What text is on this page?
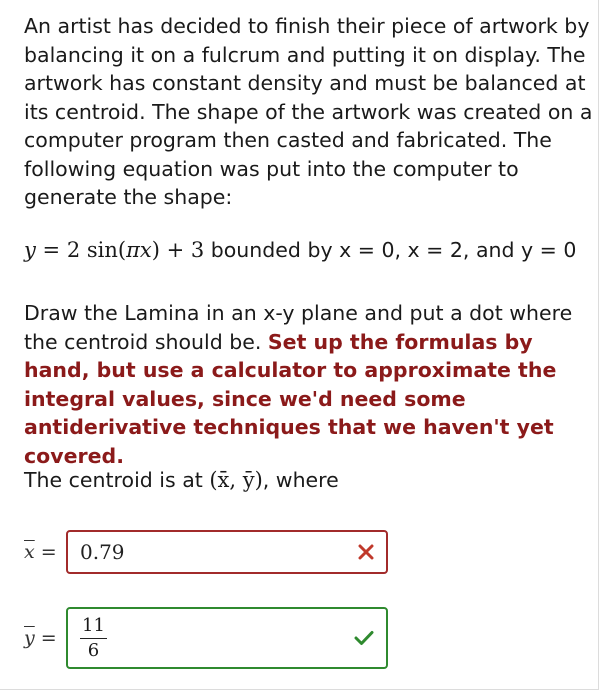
An artist has decided to finish their piece of artwork by balancing it on a fulcrum and putting it on display. The artwork has constant density and must be balanced at its centroid. The shape of the artwork was created on a computer program then casted and fabricated. The following equation was put into the computer to generate the shape:

y = 2 sin(πx) + 3 bounded by x = 0, x = 2, and y = 0

Draw the Lamina in an x-y plane and put a dot where the centroid should be. Set up the formulas by hand, but use a calculator to approximate the integral values, since we'd need some antiderivative techniques that we haven't yet covered.

The centroid is at (x̄, ȳ), where
$\overline{x}$ =	0.79
$\overline{y}$ =	$\frac{11}{6}$
